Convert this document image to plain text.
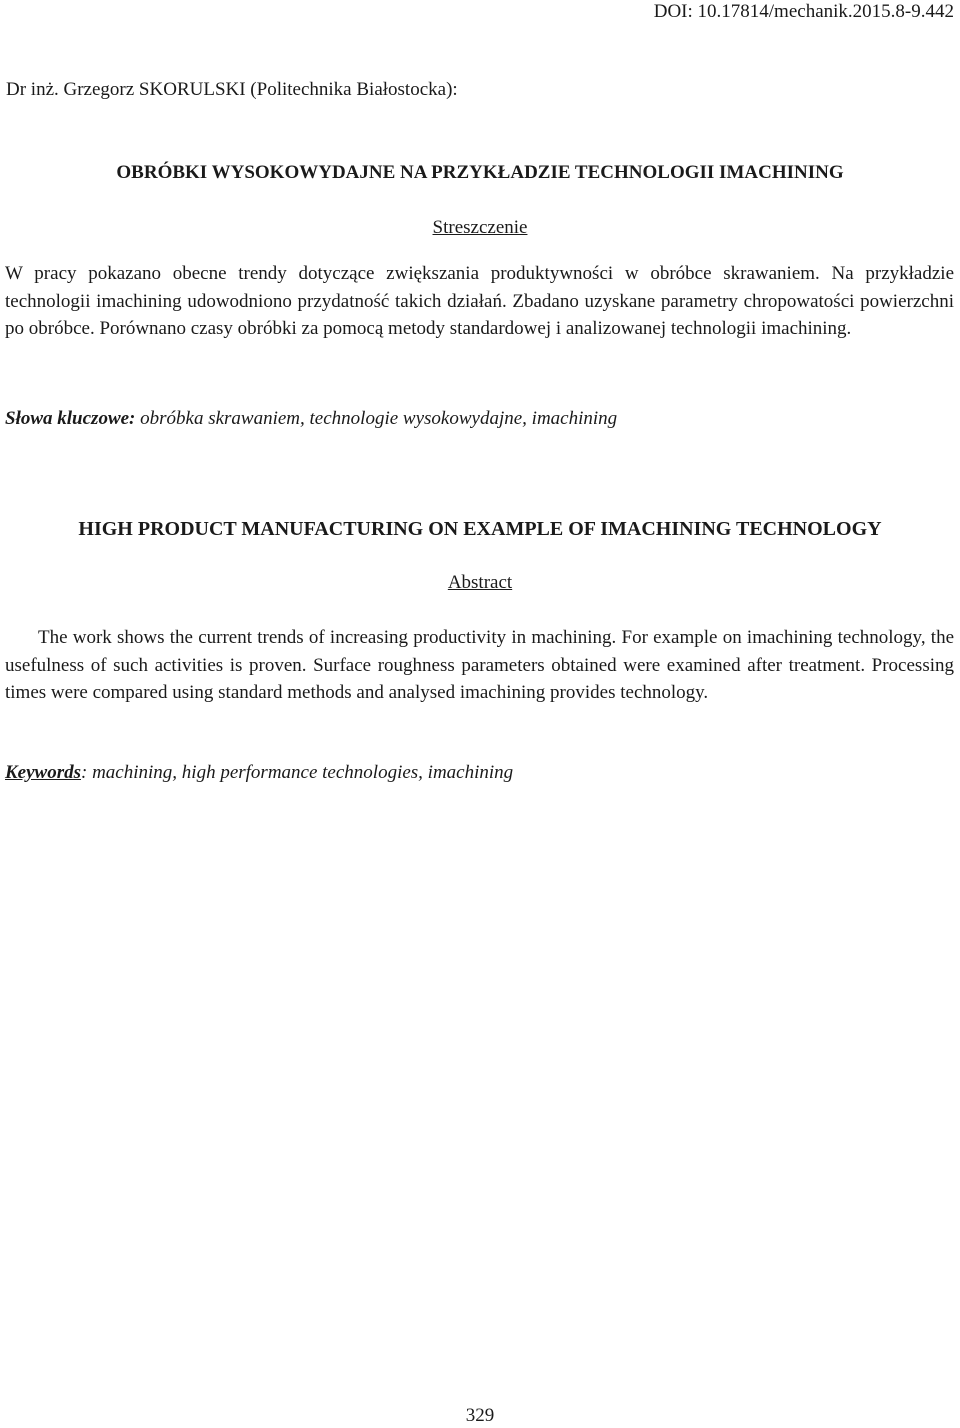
DOI: 10.17814/mechanik.2015.8-9.442
Dr inż. Grzegorz SKORULSKI (Politechnika Białostocka):
OBRÓBKI WYSOKOWYDAJNE NA PRZYKŁADZIE TECHNOLOGII IMACHINING
Streszczenie
W pracy pokazano obecne trendy dotyczące zwiększania produktywności w obróbce skrawaniem. Na przykładzie technologii imachining udowodniono przydatność takich działań. Zbadano uzyskane parametry chropowatości powierzchni po obróbce. Porównano czasy obróbki za pomocą metody standardowej i analizowanej technologii imachining.
Słowa kluczowe: obróbka skrawaniem, technologie wysokowydajne, imachining
HIGH PRODUCT MANUFACTURING ON EXAMPLE OF IMACHINING TECHNOLOGY
Abstract
The work shows the current trends of increasing productivity in machining. For example on imachining technology, the usefulness of such activities is proven. Surface roughness parameters obtained were examined after treatment. Processing times were compared using standard methods and analysed imachining provides technology.
Keywords: machining, high performance technologies, imachining
329
